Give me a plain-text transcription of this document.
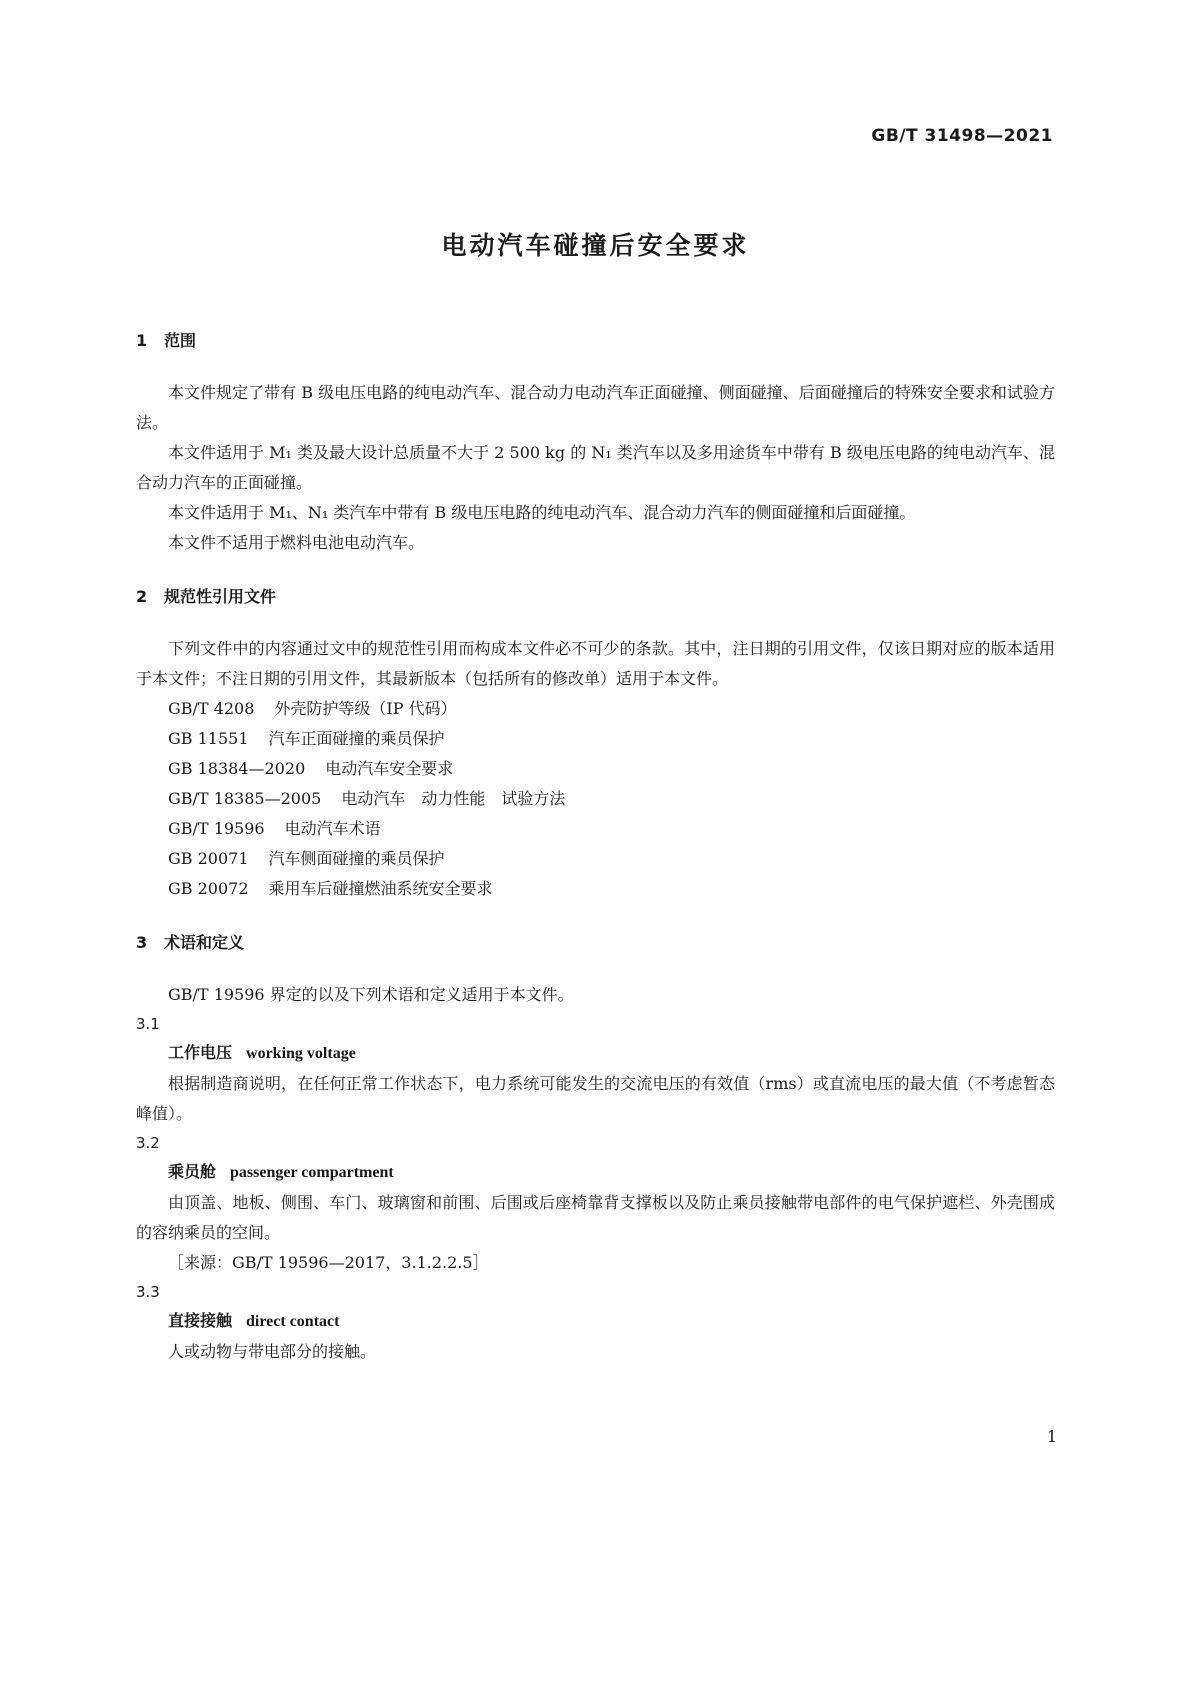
GB/T 31498—2021
电动汽车碰撞后安全要求
1 范围

本文件规定了带有 B 级电压电路的纯电动汽车、混合动力电动汽车正面碰撞、侧面碰撞、后面碰撞后的特殊安全要求和试验方法。

本文件适用于 M₁ 类及最大设计总质量不大于 2 500 kg 的 N₁ 类汽车以及多用途货车中带有 B 级电压电路的纯电动汽车、混合动力汽车的正面碰撞。

本文件适用于 M₁、N₁ 类汽车中带有 B 级电压电路的纯电动汽车、混合动力汽车的侧面碰撞和后面碰撞。

本文件不适用于燃料电池电动汽车。

2 规范性引用文件

下列文件中的内容通过文中的规范性引用而构成本文件必不可少的条款。其中，注日期的引用文件，仅该日期对应的版本适用于本文件；不注日期的引用文件，其最新版本（包括所有的修改单）适用于本文件。

GB/T 4208 外壳防护等级（IP 代码）
GB 11551 汽车正面碰撞的乘员保护
GB 18384—2020 电动汽车安全要求
GB/T 18385—2005 电动汽车　动力性能　试验方法
GB/T 19596 电动汽车术语
GB 20071 汽车侧面碰撞的乘员保护
GB 20072 乘用车后碰撞燃油系统安全要求
3 术语和定义

GB/T 19596 界定的以及下列术语和定义适用于本文件。

3.1
工作电压 working voltage

根据制造商说明，在任何正常工作状态下，电力系统可能发生的交流电压的有效值（rms）或直流电压的最大值（不考虑暂态峰值）。

3.2
乘员舱 passenger compartment

由顶盖、地板、侧围、车门、玻璃窗和前围、后围或后座椅靠背支撑板以及防止乘员接触带电部件的电气保护遮栏、外壳围成的容纳乘员的空间。

［来源：GB/T 19596—2017，3.1.2.2.5］
3.3
直接接触 direct contact

人或动物与带电部分的接触。

1
